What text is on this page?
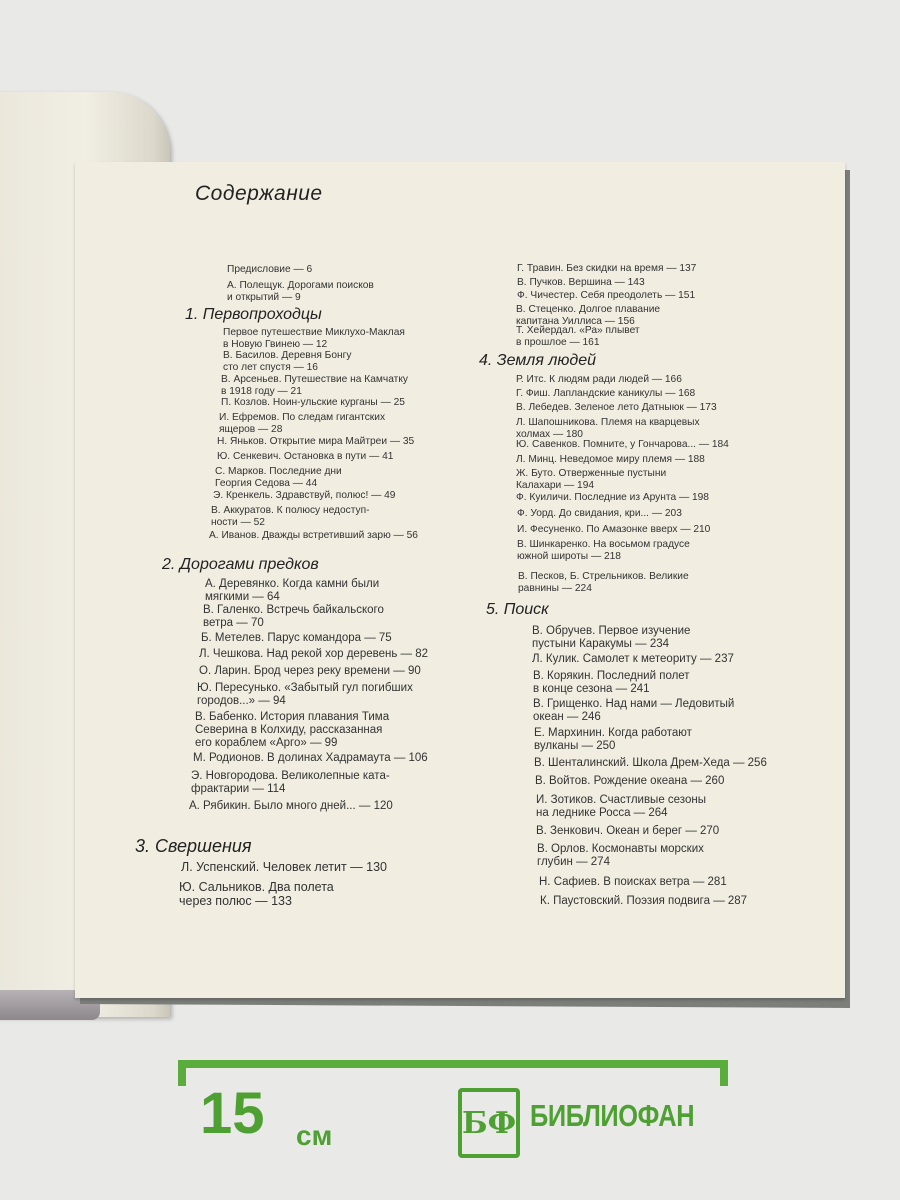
Содержание
Предисловие — 6
А. Полещук. Дорогами поисков
и открытий — 9
1. Первопроходцы
Первое путешествие Миклухо-Маклая
в Новую Гвинею — 12
В. Басилов. Деревня Бонгу
сто лет спустя — 16
В. Арсеньев. Путешествие на Камчатку
в 1918 году — 21
П. Козлов. Ноин-ульские курганы — 25
И. Ефремов. По следам гигантских
ящеров — 28
Н. Яньков. Открытие мира Майтреи — 35
Ю. Сенкевич. Остановка в пути — 41
С. Марков. Последние дни
Георгия Седова — 44
Э. Кренкель. Здравствуй, полюс! — 49
В. Аккуратов. К полюсу недоступ-
ности — 52
А. Иванов. Дважды встретивший зарю — 56
2. Дорогами предков
А. Деревянко. Когда камни были
мягкими — 64
В. Галенко. Встречь байкальского
ветра — 70
Б. Метелев. Парус командора — 75
Л. Чешкова. Над рекой хор деревень — 82
О. Ларин. Брод через реку времени — 90
Ю. Пересунько. «Забытый гул погибших
городов...» — 94
В. Бабенко. История плавания Тима
Северина в Колхиду, рассказанная
его кораблем «Арго» — 99
М. Родионов. В долинах Хадрамаута — 106
Э. Новгородова. Великолепные ката-
фрактарии — 114
А. Рябикин. Было много дней... — 120
3. Свершения
Л. Успенский. Человек летит — 130
Ю. Сальников. Два полета
через полюс — 133
Г. Травин. Без скидки на время — 137
В. Пучков. Вершина — 143
Ф. Чичестер. Себя преодолеть — 151
В. Стеценко. Долгое плавание
капитана Уиллиса — 156
Т. Хейердал. «Ра» плывет
в прошлое — 161
4. Земля людей
Р. Итс. К людям ради людей — 166
Г. Фиш. Лапландские каникулы — 168
В. Лебедев. Зеленое лето Датныюк — 173
Л. Шапошникова. Племя на кварцевых
холмах — 180
Ю. Савенков. Помните, у Гончарова... — 184
Л. Минц. Неведомое миру племя — 188
Ж. Буто. Отверженные пустыни
Калахари — 194
Ф. Куиличи. Последние из Арунта — 198
Ф. Уорд. До свидания, кри... — 203
И. Фесуненко. По Амазонке вверх — 210
В. Шинкаренко. На восьмом градусе
южной широты — 218
В. Песков, Б. Стрельников. Великие
равнины — 224
5. Поиск
В. Обручев. Первое изучение
пустыни Каракумы — 234
Л. Кулик. Самолет к метеориту — 237
В. Корякин. Последний полет
в конце сезона — 241
В. Грищенко. Над нами — Ледовитый
океан — 246
Е. Мархинин. Когда работают
вулканы — 250
В. Шенталинский. Школа Дрем-Хеда — 256
В. Войтов. Рождение океана — 260
И. Зотиков. Счастливые сезоны
на леднике Росса — 264
В. Зенкович. Океан и берег — 270
В. Орлов. Космонавты морских
глубин — 274
Н. Сафиев. В поисках ветра — 281
К. Паустовский. Поэзия подвига — 287
15 см	БФ БИБЛИОФАН
